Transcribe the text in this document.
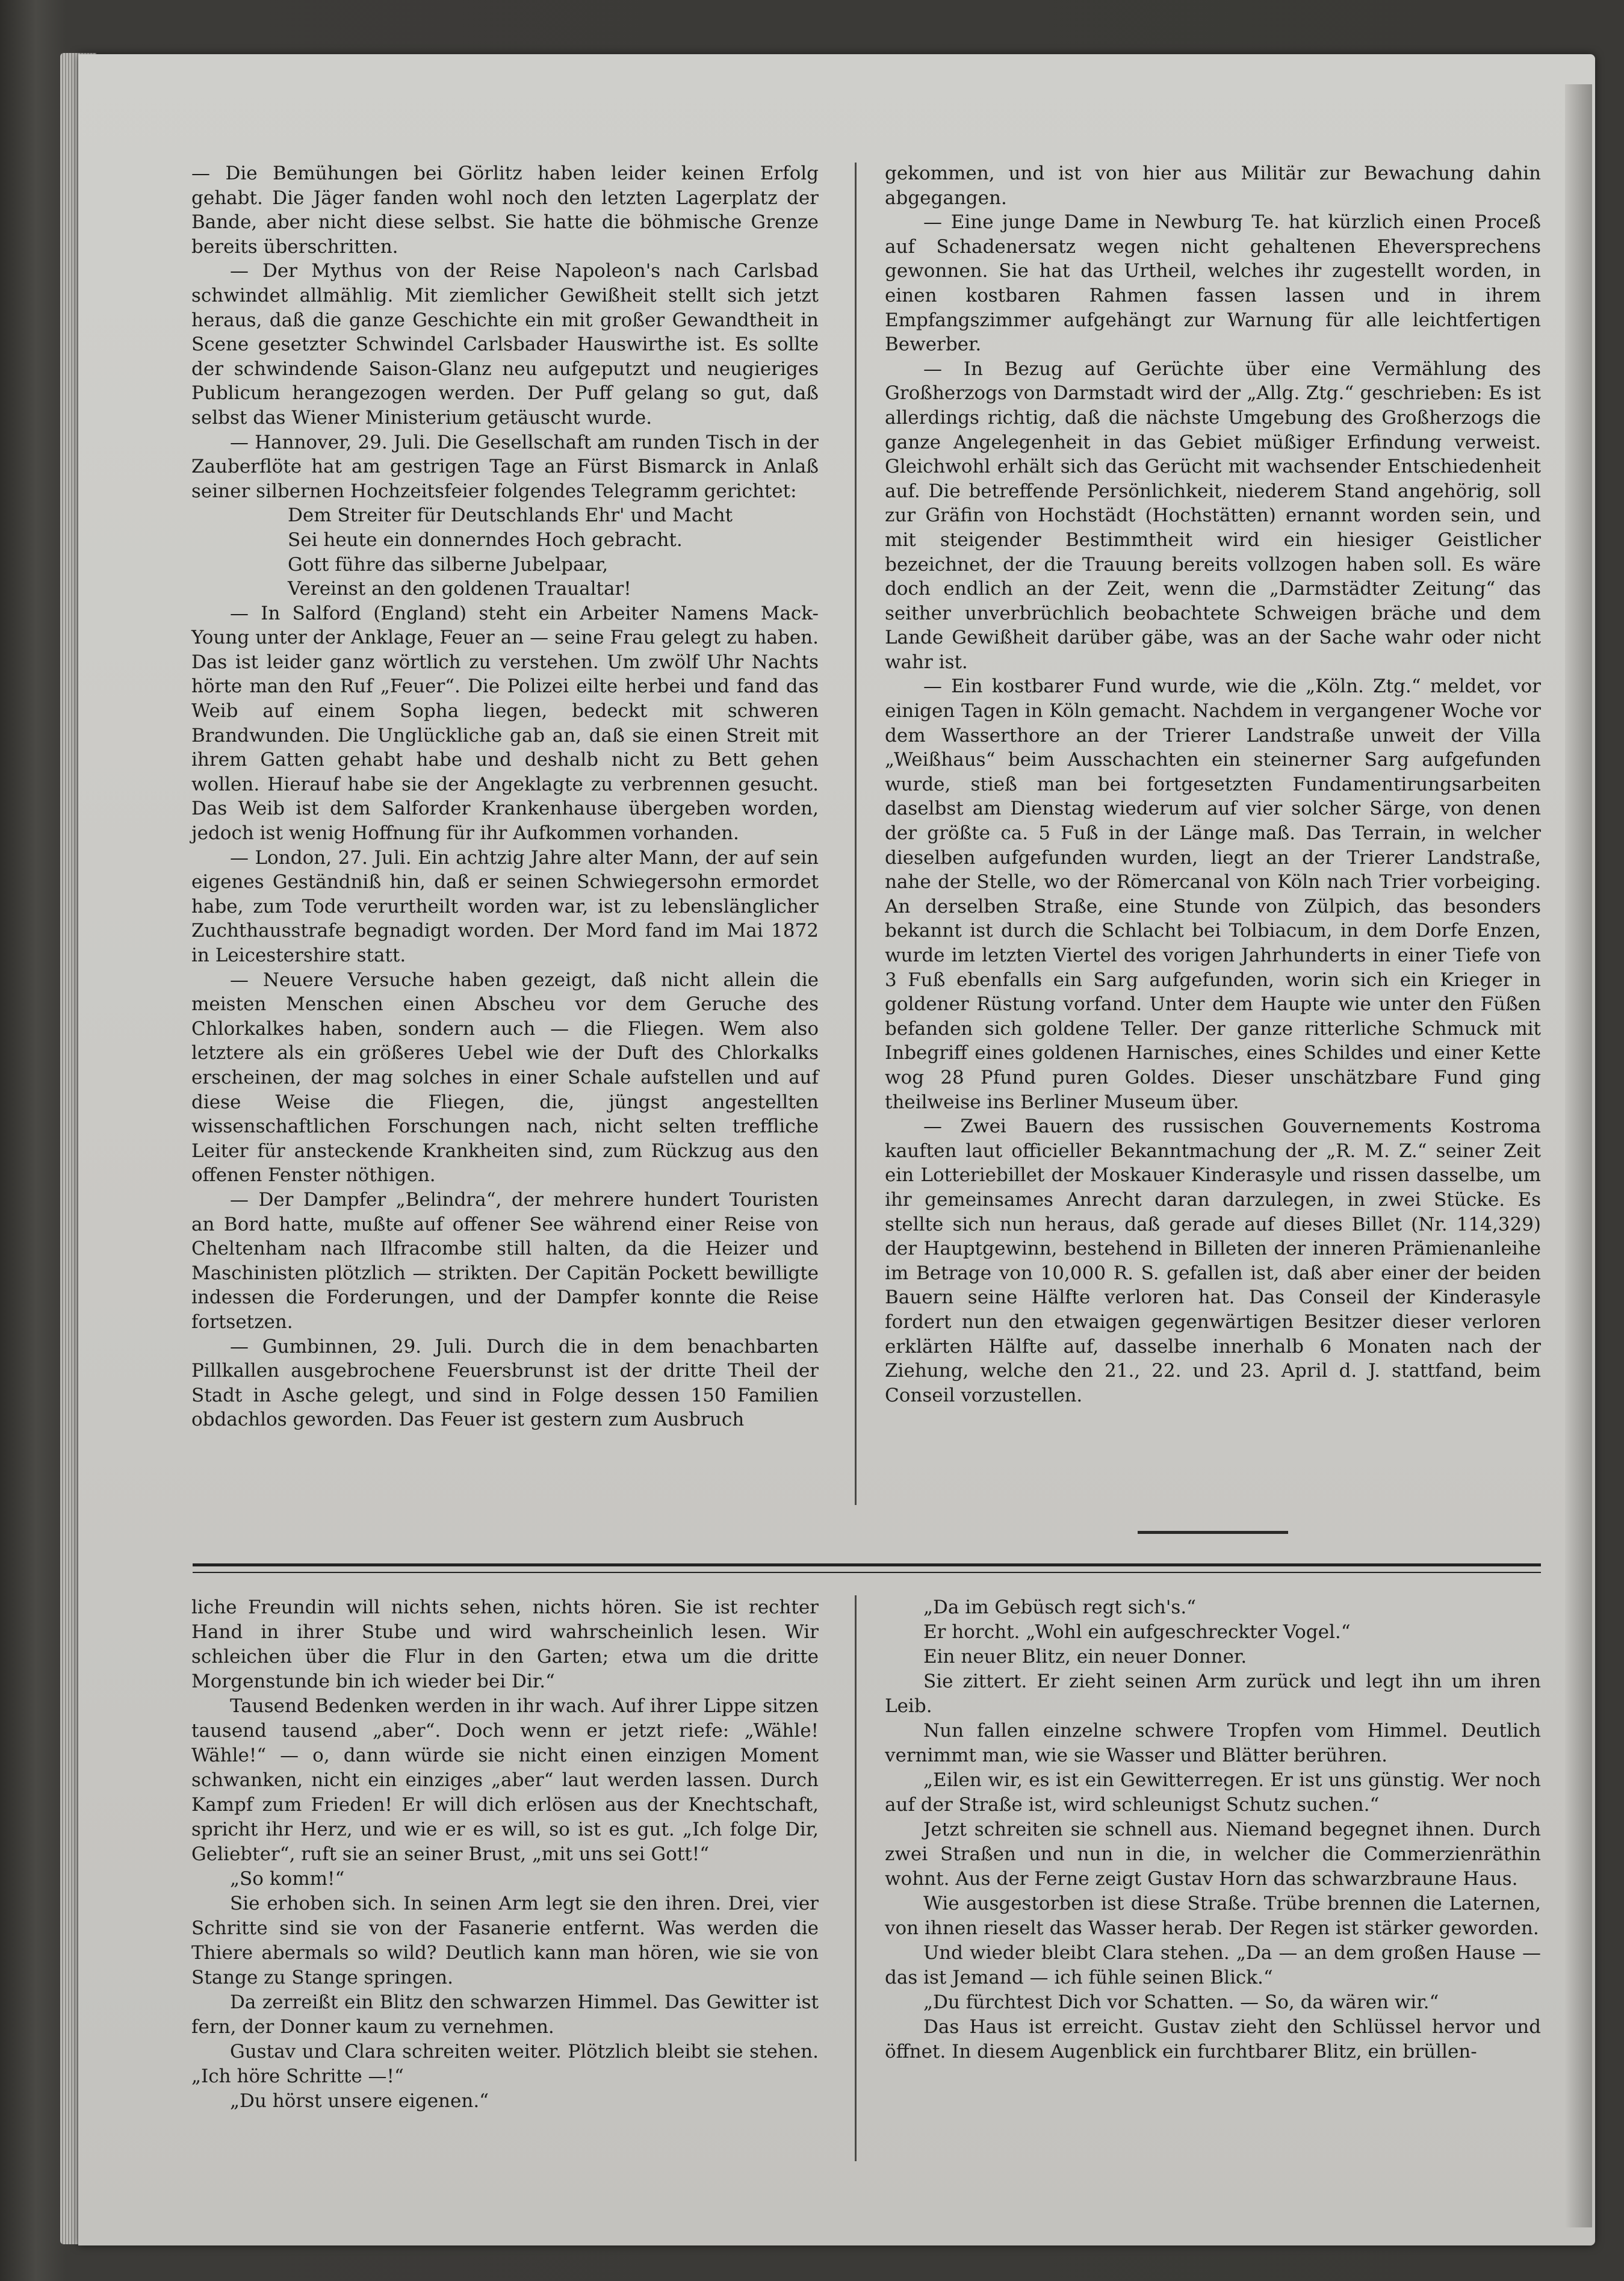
— Die Bemühungen bei Görlitz haben leider keinen Erfolg gehabt. Die Jäger fanden wohl noch den letzten Lagerplatz der Bande, aber nicht diese selbst. Sie hatte die böhmische Grenze bereits überschritten.

— Der Mythus von der Reise Napoleon's nach Carlsbad schwindet allmählig. Mit ziemlicher Gewißheit stellt sich jetzt heraus, daß die ganze Geschichte ein mit großer Gewandtheit in Scene gesetzter Schwindel Carlsbader Hauswirthe ist. Es sollte der schwindende Saison-Glanz neu aufgeputzt und neugieriges Publicum herangezogen werden. Der Puff gelang so gut, daß selbst das Wiener Ministerium getäuscht wurde.

— Hannover, 29. Juli. Die Gesellschaft am runden Tisch in der Zauberflöte hat am gestrigen Tage an Fürst Bismarck in Anlaß seiner silbernen Hochzeitsfeier folgendes Telegramm gerichtet:

Dem Streiter für Deutschlands Ehr' und Macht
Sei heute ein donnerndes Hoch gebracht.
Gott führe das silberne Jubelpaar,
Vereinst an den goldenen Traualtar!

— In Salford (England) steht ein Arbeiter Namens Mack-Young unter der Anklage, Feuer an — seine Frau gelegt zu haben. Das ist leider ganz wörtlich zu verstehen. Um zwölf Uhr Nachts hörte man den Ruf „Feuer“. Die Polizei eilte herbei und fand das Weib auf einem Sopha liegen, bedeckt mit schweren Brandwunden. Die Unglückliche gab an, daß sie einen Streit mit ihrem Gatten gehabt habe und deshalb nicht zu Bett gehen wollen. Hierauf habe sie der Angeklagte zu verbrennen gesucht. Das Weib ist dem Salforder Krankenhause übergeben worden, jedoch ist wenig Hoffnung für ihr Aufkommen vorhanden.

— London, 27. Juli. Ein achtzig Jahre alter Mann, der auf sein eigenes Geständniß hin, daß er seinen Schwiegersohn ermordet habe, zum Tode verurtheilt worden war, ist zu lebenslänglicher Zuchthausstrafe begnadigt worden. Der Mord fand im Mai 1872 in Leicestershire statt.

— Neuere Versuche haben gezeigt, daß nicht allein die meisten Menschen einen Abscheu vor dem Geruche des Chlorkalkes haben, sondern auch — die Fliegen. Wem also letztere als ein größeres Uebel wie der Duft des Chlorkalks erscheinen, der mag solches in einer Schale aufstellen und auf diese Weise die Fliegen, die, jüngst angestellten wissenschaftlichen Forschungen nach, nicht selten treffliche Leiter für ansteckende Krankheiten sind, zum Rückzug aus den offenen Fenster nöthigen.

— Der Dampfer „Belindra“, der mehrere hundert Touristen an Bord hatte, mußte auf offener See während einer Reise von Cheltenham nach Ilfracombe still halten, da die Heizer und Maschinisten plötzlich — strikten. Der Capitän Pockett bewilligte indessen die Forderungen, und der Dampfer konnte die Reise fortsetzen.

— Gumbinnen, 29. Juli. Durch die in dem benachbarten Pillkallen ausgebrochene Feuersbrunst ist der dritte Theil der Stadt in Asche gelegt, und sind in Folge dessen 150 Familien obdachlos geworden. Das Feuer ist gestern zum Ausbruch

gekommen, und ist von hier aus Militär zur Bewachung dahin abgegangen.

— Eine junge Dame in Newburg Te. hat kürzlich einen Proceß auf Schadenersatz wegen nicht gehaltenen Eheversprechens gewonnen. Sie hat das Urtheil, welches ihr zugestellt worden, in einen kostbaren Rahmen fassen lassen und in ihrem Empfangszimmer aufgehängt zur Warnung für alle leichtfertigen Bewerber.

— In Bezug auf Gerüchte über eine Vermählung des Großherzogs von Darmstadt wird der „Allg. Ztg.“ geschrieben: Es ist allerdings richtig, daß die nächste Umgebung des Großherzogs die ganze Angelegenheit in das Gebiet müßiger Erfindung verweist. Gleichwohl erhält sich das Gerücht mit wachsender Entschiedenheit auf. Die betreffende Persönlichkeit, niederem Stand angehörig, soll zur Gräfin von Hochstädt (Hochstätten) ernannt worden sein, und mit steigender Bestimmtheit wird ein hiesiger Geistlicher bezeichnet, der die Trauung bereits vollzogen haben soll. Es wäre doch endlich an der Zeit, wenn die „Darmstädter Zeitung“ das seither unverbrüchlich beobachtete Schweigen bräche und dem Lande Gewißheit darüber gäbe, was an der Sache wahr oder nicht wahr ist.

— Ein kostbarer Fund wurde, wie die „Köln. Ztg.“ meldet, vor einigen Tagen in Köln gemacht. Nachdem in vergangener Woche vor dem Wasserthore an der Trierer Landstraße unweit der Villa „Weißhaus“ beim Ausschachten ein steinerner Sarg aufgefunden wurde, stieß man bei fortgesetzten Fundamentirungsarbeiten daselbst am Dienstag wiederum auf vier solcher Särge, von denen der größte ca. 5 Fuß in der Länge maß. Das Terrain, in welcher dieselben aufgefunden wurden, liegt an der Trierer Landstraße, nahe der Stelle, wo der Römercanal von Köln nach Trier vorbeiging. An derselben Straße, eine Stunde von Zülpich, das besonders bekannt ist durch die Schlacht bei Tolbiacum, in dem Dorfe Enzen, wurde im letzten Viertel des vorigen Jahrhunderts in einer Tiefe von 3 Fuß ebenfalls ein Sarg aufgefunden, worin sich ein Krieger in goldener Rüstung vorfand. Unter dem Haupte wie unter den Füßen befanden sich goldene Teller. Der ganze ritterliche Schmuck mit Inbegriff eines goldenen Harnisches, eines Schildes und einer Kette wog 28 Pfund puren Goldes. Dieser unschätzbare Fund ging theilweise ins Berliner Museum über.

— Zwei Bauern des russischen Gouvernements Kostroma kauften laut officieller Bekanntmachung der „R. M. Z.“ seiner Zeit ein Lotteriebillet der Moskauer Kinderasyle und rissen dasselbe, um ihr gemeinsames Anrecht daran darzulegen, in zwei Stücke. Es stellte sich nun heraus, daß gerade auf dieses Billet (Nr. 114,329) der Hauptgewinn, bestehend in Billeten der inneren Prämienanleihe im Betrage von 10,000 R. S. gefallen ist, daß aber einer der beiden Bauern seine Hälfte verloren hat. Das Conseil der Kinderasyle fordert nun den etwaigen gegenwärtigen Besitzer dieser verloren erklärten Hälfte auf, dasselbe innerhalb 6 Monaten nach der Ziehung, welche den 21., 22. und 23. April d. J. stattfand, beim Conseil vorzustellen.

liche Freundin will nichts sehen, nichts hören. Sie ist rechter Hand in ihrer Stube und wird wahrscheinlich lesen. Wir schleichen über die Flur in den Garten; etwa um die dritte Morgenstunde bin ich wieder bei Dir.“

Tausend Bedenken werden in ihr wach. Auf ihrer Lippe sitzen tausend tausend „aber“. Doch wenn er jetzt riefe: „Wähle! Wähle!“ — o, dann würde sie nicht einen einzigen Moment schwanken, nicht ein einziges „aber“ laut werden lassen. Durch Kampf zum Frieden! Er will dich erlösen aus der Knechtschaft, spricht ihr Herz, und wie er es will, so ist es gut. „Ich folge Dir, Geliebter“, ruft sie an seiner Brust, „mit uns sei Gott!“

„So komm!“

Sie erhoben sich. In seinen Arm legt sie den ihren. Drei, vier Schritte sind sie von der Fasanerie entfernt. Was werden die Thiere abermals so wild? Deutlich kann man hören, wie sie von Stange zu Stange springen.

Da zerreißt ein Blitz den schwarzen Himmel. Das Gewitter ist fern, der Donner kaum zu vernehmen.

Gustav und Clara schreiten weiter. Plötzlich bleibt sie stehen. „Ich höre Schritte —!“

„Du hörst unsere eigenen.“

„Da im Gebüsch regt sich's.“

Er horcht. „Wohl ein aufgeschreckter Vogel.“

Ein neuer Blitz, ein neuer Donner.

Sie zittert. Er zieht seinen Arm zurück und legt ihn um ihren Leib.

Nun fallen einzelne schwere Tropfen vom Himmel. Deutlich vernimmt man, wie sie Wasser und Blätter berühren.

„Eilen wir, es ist ein Gewitterregen. Er ist uns günstig. Wer noch auf der Straße ist, wird schleunigst Schutz suchen.“

Jetzt schreiten sie schnell aus. Niemand begegnet ihnen. Durch zwei Straßen und nun in die, in welcher die Commerzienräthin wohnt. Aus der Ferne zeigt Gustav Horn das schwarzbraune Haus.

Wie ausgestorben ist diese Straße. Trübe brennen die Laternen, von ihnen rieselt das Wasser herab. Der Regen ist stärker geworden.

Und wieder bleibt Clara stehen. „Da — an dem großen Hause — das ist Jemand — ich fühle seinen Blick.“

„Du fürchtest Dich vor Schatten. — So, da wären wir.“

Das Haus ist erreicht. Gustav zieht den Schlüssel hervor und öffnet. In diesem Augenblick ein furchtbarer Blitz, ein brüllen-
